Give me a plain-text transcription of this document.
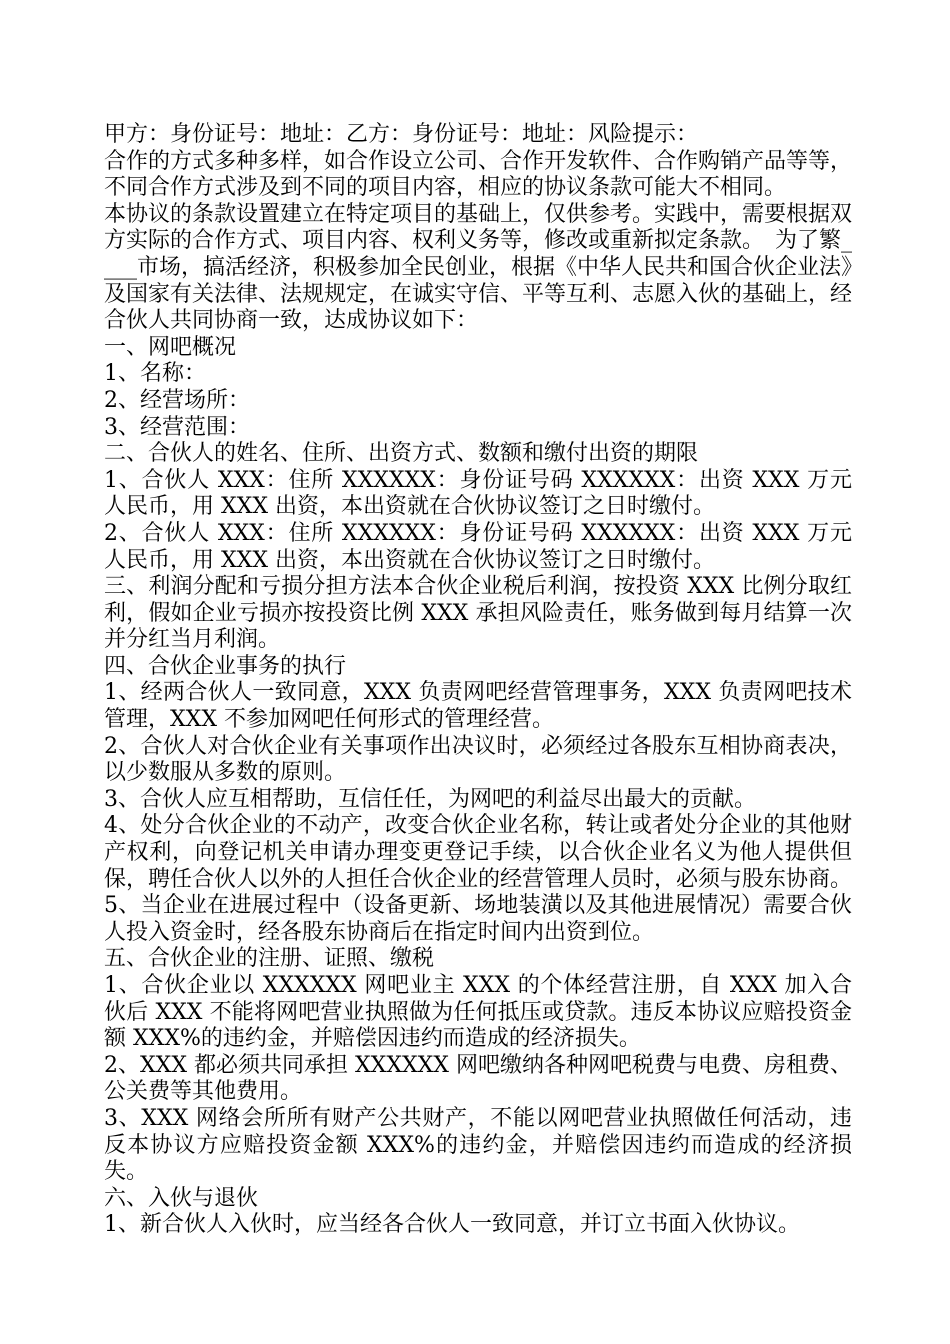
甲方：身份证号：地址：乙方：身份证号：地址：风险提示：

合作的方式多种多样，如合作设立公司、合作开发软件、合作购销产品等等，不同合作方式涉及到不同的项目内容，相应的协议条款可能大不相同。

本协议的条款设置建立在特定项目的基础上，仅供参考。实践中，需要根据双方实际的合作方式、项目内容、权利义务等，修改或重新拟定条款。　为了繁____市场，搞活经济，积极参加全民创业，根据《中华人民共和国合伙企业法》及国家有关法律、法规规定，在诚实守信、平等互利、志愿入伙的基础上，经合伙人共同协商一致，达成协议如下：

一、网吧概况

1、名称：

2、经营场所：

3、经营范围：

二、合伙人的姓名、住所、出资方式、数额和缴付出资的期限

1、合伙人 XXX：住所 XXXXXX：身份证号码 XXXXXX：出资 XXX 万元人民币，用 XXX 出资，本出资就在合伙协议签订之日时缴付。

2、合伙人 XXX：住所 XXXXXX：身份证号码 XXXXXX：出资 XXX 万元人民币，用 XXX 出资，本出资就在合伙协议签订之日时缴付。

三、利润分配和亏损分担方法本合伙企业税后利润，按投资 XXX 比例分取红利，假如企业亏损亦按投资比例 XXX 承担风险责任，账务做到每月结算一次并分红当月利润。

四、合伙企业事务的执行

1、经两合伙人一致同意，XXX 负责网吧经营管理事务，XXX 负责网吧技术管理，XXX 不参加网吧任何形式的管理经营。

2、合伙人对合伙企业有关事项作出决议时，必须经过各股东互相协商表决，以少数服从多数的原则。

3、合伙人应互相帮助，互信任任，为网吧的利益尽出最大的贡献。

4、处分合伙企业的不动产，改变合伙企业名称，转让或者处分企业的其他财产权利，向登记机关申请办理变更登记手续，以合伙企业名义为他人提供但保，聘任合伙人以外的人担任合伙企业的经营管理人员时，必须与股东协商。

5、当企业在进展过程中（设备更新、场地装潢以及其他进展情况）需要合伙人投入资金时，经各股东协商后在指定时间内出资到位。

五、合伙企业的注册、证照、缴税

1、合伙企业以 XXXXXX 网吧业主 XXX 的个体经营注册，自 XXX 加入合伙后 XXX 不能将网吧营业执照做为任何抵压或贷款。违反本协议应赔投资金额 XXX%的违约金，并赔偿因违约而造成的经济损失。

2、XXX 都必须共同承担 XXXXXX 网吧缴纳各种网吧税费与电费、房租费、公关费等其他费用。

3、XXX 网络会所所有财产公共财产，不能以网吧营业执照做任何活动，违反本协议方应赔投资金额 XXX%的违约金，并赔偿因违约而造成的经济损失。

六、入伙与退伙

1、新合伙人入伙时，应当经各合伙人一致同意，并订立书面入伙协议。
